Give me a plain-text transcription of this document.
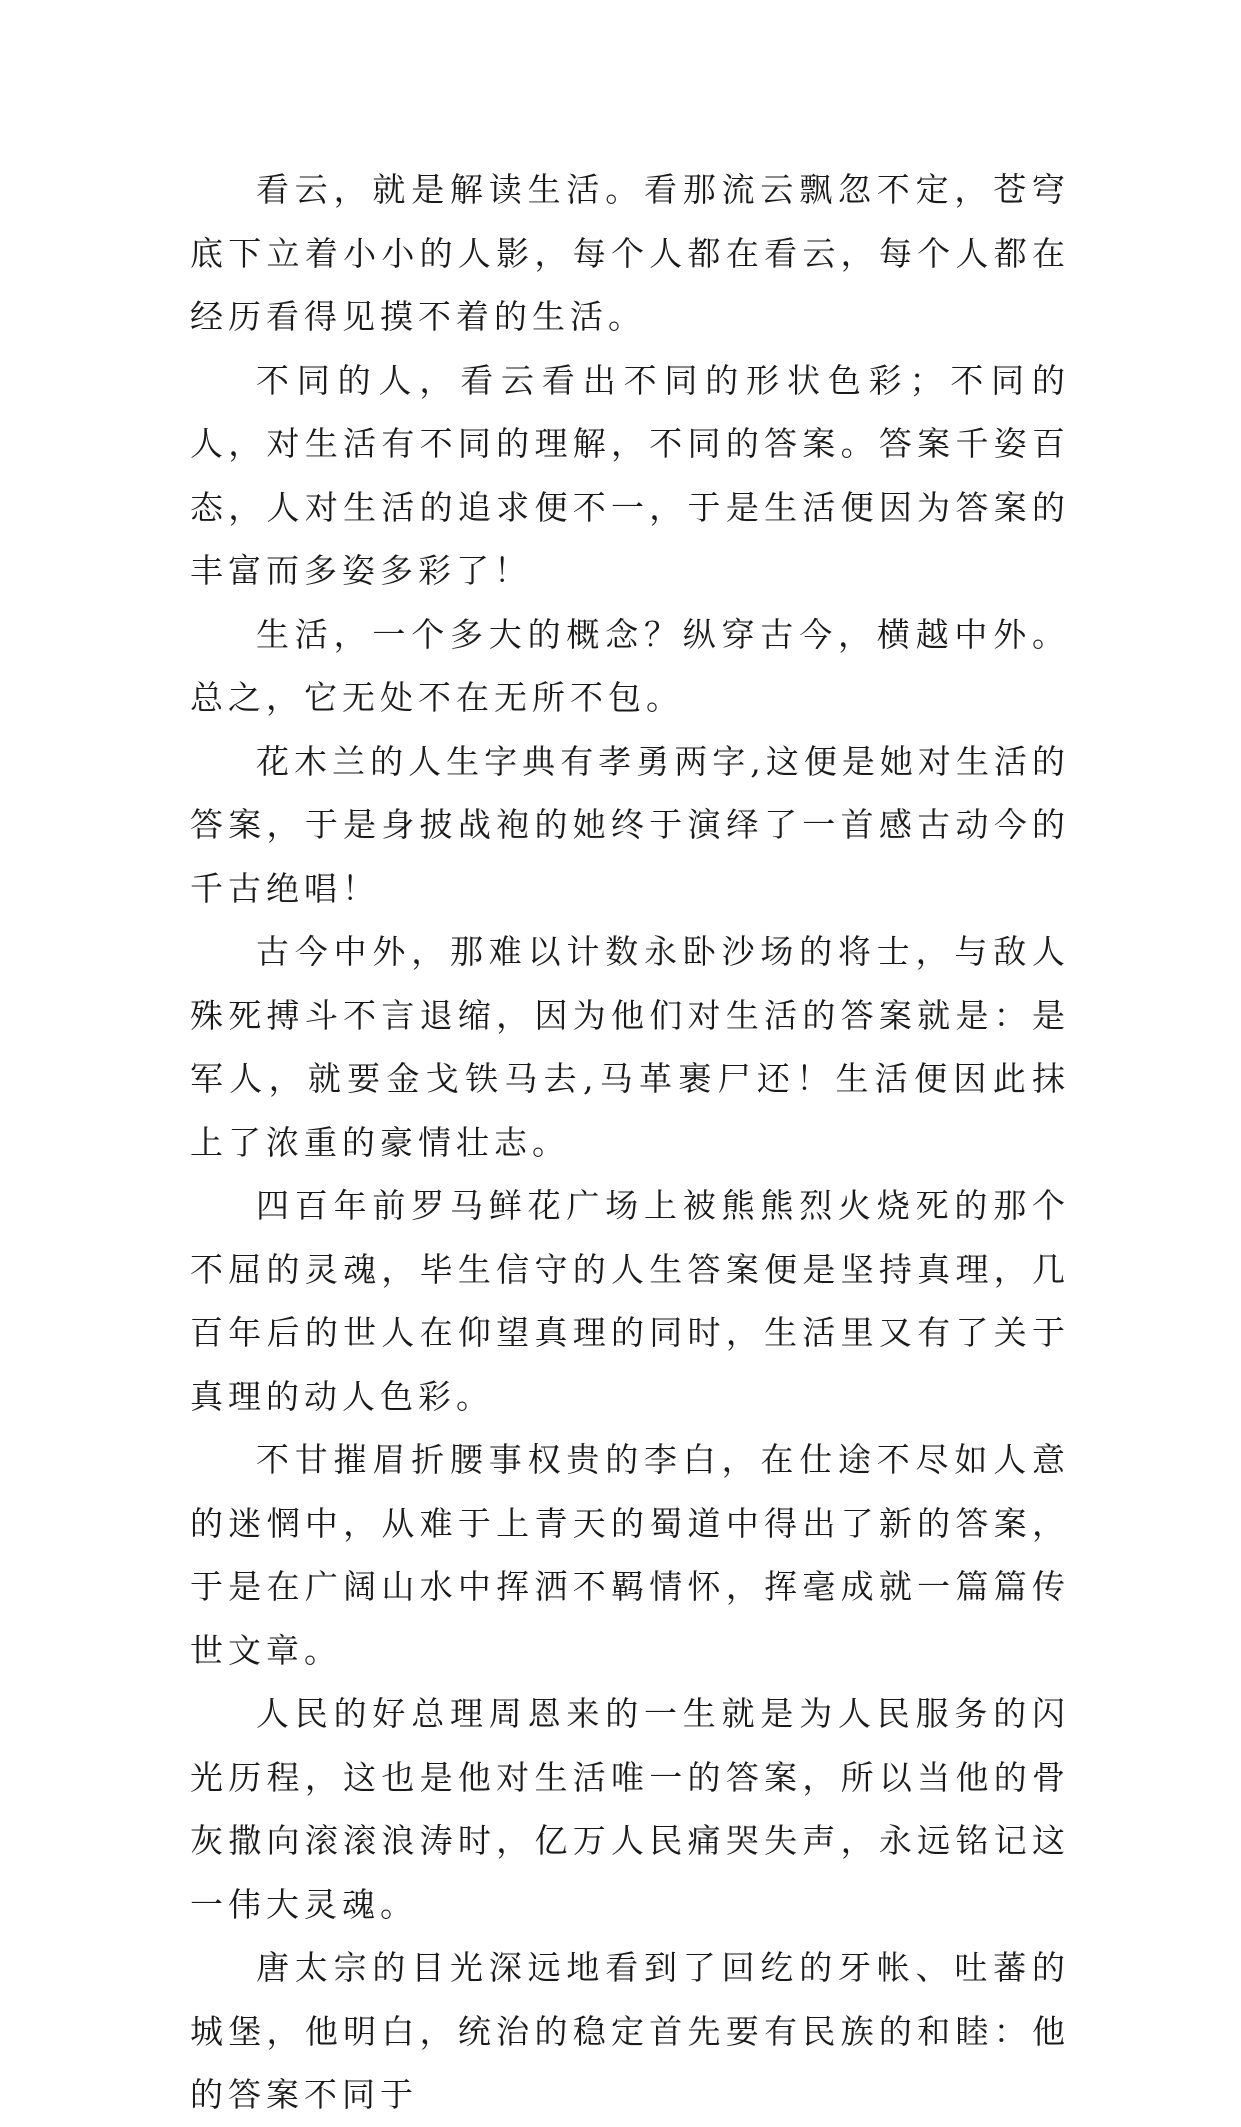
看云，就是解读生活。看那流云飘忽不定，苍穹底下立着小小的人影，每个人都在看云，每个人都在经历看得见摸不着的生活。

不同的人，看云看出不同的形状色彩；不同的人，对生活有不同的理解，不同的答案。答案千姿百态，人对生活的追求便不一，于是生活便因为答案的丰富而多姿多彩了！

生活，一个多大的概念？纵穿古今，横越中外。总之，它无处不在无所不包。

花木兰的人生字典有孝勇两字,这便是她对生活的答案，于是身披战袍的她终于演绎了一首感古动今的千古绝唱！

古今中外，那难以计数永卧沙场的将士，与敌人殊死搏斗不言退缩，因为他们对生活的答案就是：是军人，就要金戈铁马去,马革裹尸还！生活便因此抹上了浓重的豪情壮志。

四百年前罗马鲜花广场上被熊熊烈火烧死的那个不屈的灵魂，毕生信守的人生答案便是坚持真理，几百年后的世人在仰望真理的同时，生活里又有了关于真理的动人色彩。

不甘摧眉折腰事权贵的李白，在仕途不尽如人意的迷惘中，从难于上青天的蜀道中得出了新的答案，于是在广阔山水中挥洒不羁情怀，挥毫成就一篇篇传世文章。

人民的好总理周恩来的一生就是为人民服务的闪光历程，这也是他对生活唯一的答案，所以当他的骨灰撒向滚滚浪涛时，亿万人民痛哭失声，永远铭记这一伟大灵魂。

唐太宗的目光深远地看到了回纥的牙帐、吐蕃的城堡，他明白，统治的稳定首先要有民族的和睦：他的答案不同于
